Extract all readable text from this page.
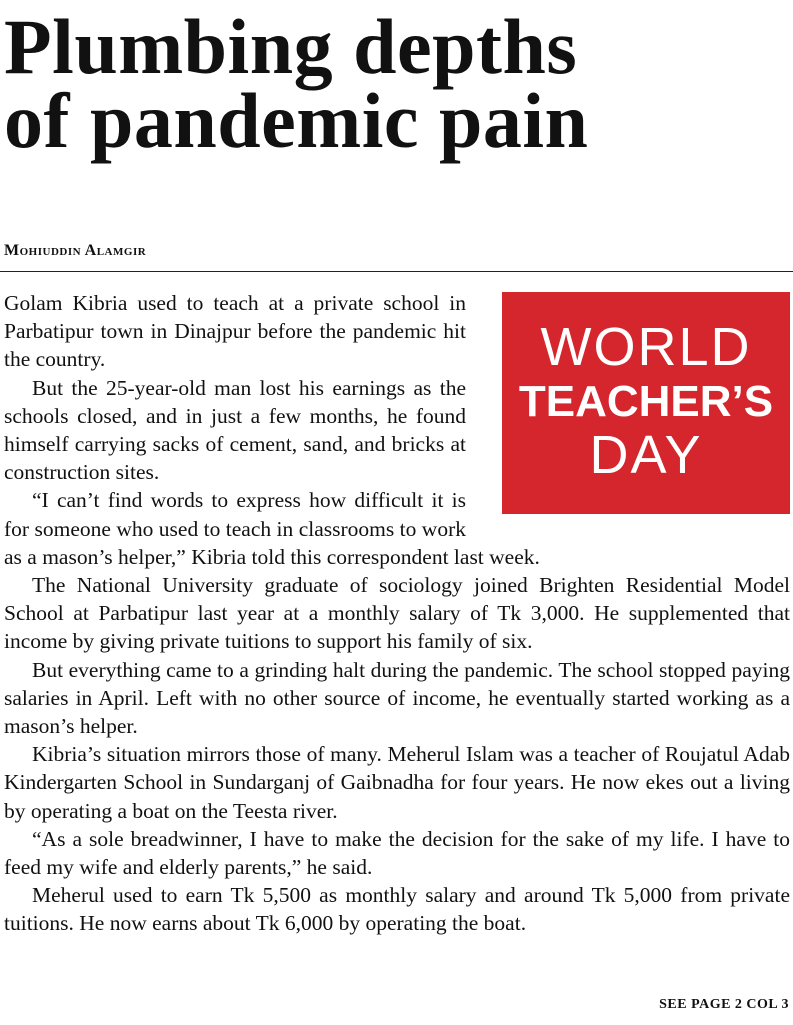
Plumbing depths
of pandemic pain
Mohiuddin Alamgir
WORLD
TEACHER’S
DAY

Golam Kibria used to teach at a private school in Parbatipur town in Dinajpur before the pandemic hit the country.

But the 25-year-old man lost his earnings as the schools closed, and in just a few months, he found himself carrying sacks of cement, sand, and bricks at construction sites.

“I can’t find words to express how difficult it is for someone who used to teach in classrooms to work as a mason’s helper,” Kibria told this correspondent last week.

The National University graduate of sociology joined Brighten Residential Model School at Parbatipur last year at a monthly salary of Tk 3,000. He supplemented that income by giving private tuitions to support his family of six.

But everything came to a grinding halt during the pandemic. The school stopped paying salaries in April. Left with no other source of income, he eventually started working as a mason’s helper.

Kibria’s situation mirrors those of many. Meherul Islam was a teacher of Roujatul Adab Kindergarten School in Sundarganj of Gaibnadha for four years. He now ekes out a living by operating a boat on the Teesta river.

“As a sole breadwinner, I have to make the decision for the sake of my life. I have to feed my wife and elderly parents,” he said.

Meherul used to earn Tk 5,500 as monthly salary and around Tk 5,000 from private tuitions. He now earns about Tk 6,000 by operating the boat.

SEE PAGE 2 COL 3
